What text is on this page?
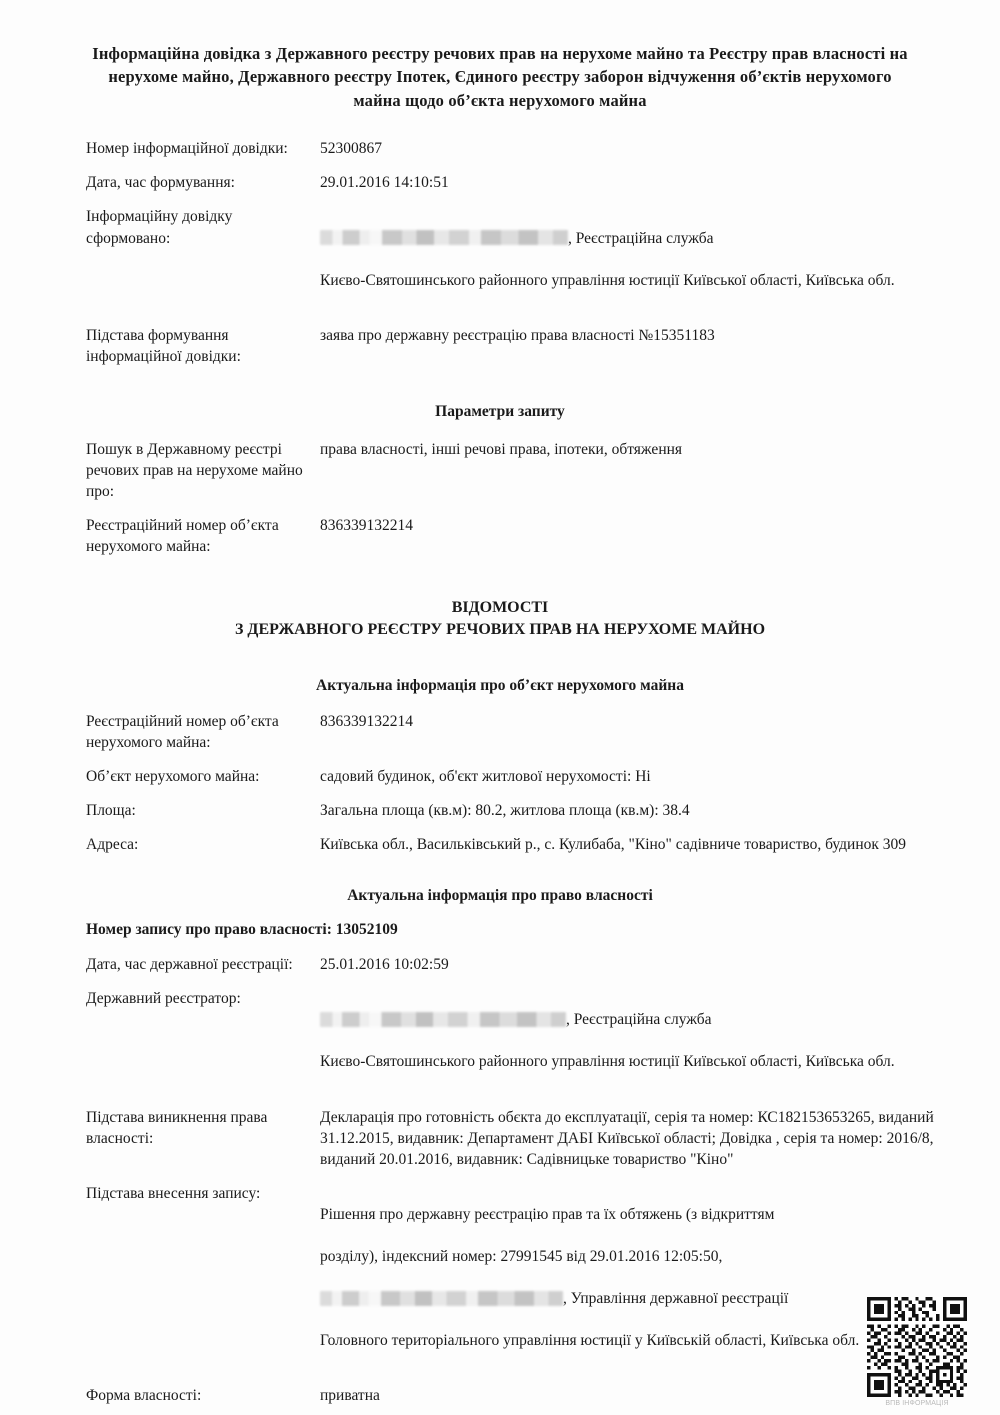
Інформаційна довідка з Державного реєстру речових прав на нерухоме майно та Реєстру прав власності на нерухоме майно, Державного реєстру Іпотек, Єдиного реєстру заборон відчуження об’єктів нерухомого майна щодо об’єкта нерухомого майна
Номер інформаційної довідки:	52300867
Дата, час формування:	29.01.2016 14:10:51
Інформаційну довідку сформовано:	, Реєстраційна служба

Києво-Святошинського районного управління юстиції Київської області, Київська обл.

Підстава формування інформаційної довідки:
заява про державну реєстрацію права власності №15351183
Параметри запиту
Пошук в Державному реєстрі речових прав на нерухоме майно про:
права власності, інші речові права, іпотеки, обтяження
Реєстраційний номер об’єкта нерухомого майна:
836339132214
ВІДОМОСТІ
З ДЕРЖАВНОГО РЕЄСТРУ РЕЧОВИХ ПРАВ НА НЕРУХОМЕ МАЙНО
Актуальна інформація про об’єкт нерухомого майна
Реєстраційний номер об’єкта нерухомого майна:
836339132214
Об’єкт нерухомого майна:	садовий будинок, об'єкт житлової нерухомості: Ні
Площа:	Загальна площа (кв.м): 80.2, житлова площа (кв.м): 38.4
Адреса:	Київська обл., Васильківський р., с. Кулибаба, "Кіно" садівниче товариство, будинок 309
Актуальна інформація про право власності
Номер запису про право власності: 13052109
Дата, час державної реєстрації:	25.01.2016 10:02:59
Державний реєстратор:

, Реєстраційна служба

Києво-Святошинського районного управління юстиції Київської області, Київська обл.

Підстава виникнення права власності:
Декларація про готовність обєкта до експлуатації, серія та номер: КС182153653265, виданий 31.12.2015, видавник: Департамент ДАБІ Київської області; Довідка , серія та номер: 2016/8, виданий 20.01.2016, видавник: Садівницьке товариство "Кіно"
Підстава внесення запису:

Рішення про державну реєстрацію прав та їх обтяжень (з відкриттям

розділу), індексний номер: 27991545 від 29.01.2016 12:05:50,

, Управління державної реєстрації

Головного територіального управління юстиції у Київській області, Київська обл.

Форма власності:	приватна	ВПВ ІНФОРМАЦІЯ
